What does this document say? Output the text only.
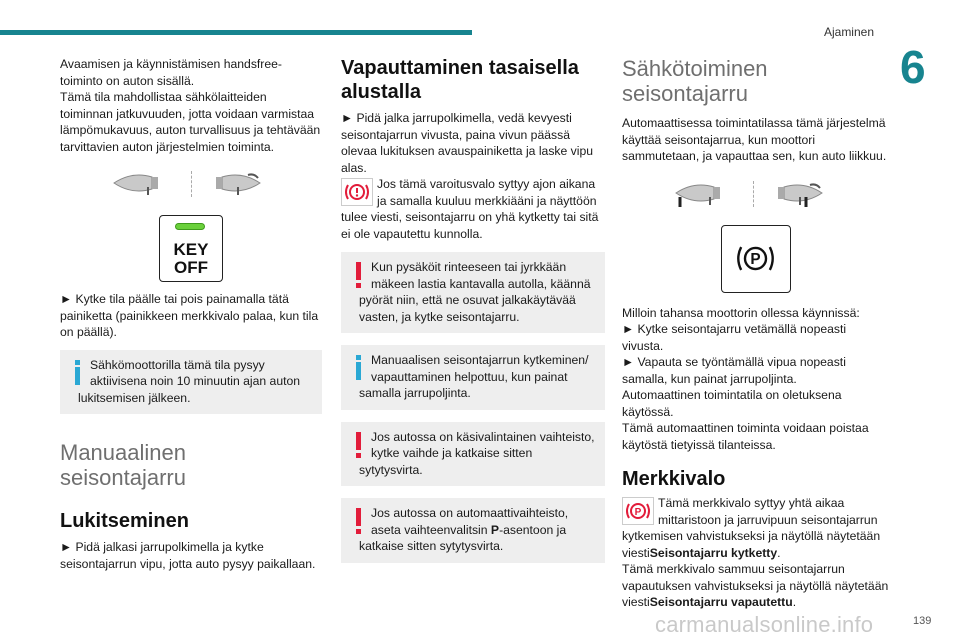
Ajaminen
6

Avaamisen ja käynnistämisen handsfree-toiminto on auton sisällä.

Tämä tila mahdollistaa sähkölaitteiden toiminnan jatkuvuuden, jotta voidaan varmistaa lämpömukavuus, auton turvallisuus ja tehtävään tarvittavien auton järjestelmien toiminta.

KEY
OFF

► Kytke tila päälle tai pois painamalla tätä painiketta (painikkeen merkkivalo palaa, kun tila on päällä).

Sähkömoottorilla tämä tila pysyy aktiivisena noin 10 minuutin ajan auton lukitsemisen jälkeen.

Manuaalinen
seisontajarru
Lukitseminen

► Pidä jalkasi jarrupolkimella ja kytke seisontajarrun vipu, jotta auto pysyy paikallaan.

Vapauttaminen tasaisella
alustalla

► Pidä jalka jarrupolkimella, vedä kevyesti seisontajarrun vivusta, paina vivun päässä olevaa lukituksen avauspainiketta ja laske vipu alas.

Jos tämä varoitusvalo syttyy ajon aikana ja samalla kuuluu merkkiääni ja näyttöön tulee viesti, seisontajarru on yhä kytketty tai sitä ei ole vapautettu kunnolla.

Kun pysäköit rinteeseen tai jyrkkään mäkeen lastia kantavalla autolla, käännä pyörät niin, että ne osuvat jalkakäytävää vasten, ja kytke seisontajarru.

Manuaalisen seisontajarrun kytkeminen/ vapauttaminen helpottuu, kun painat samalla jarrupoljinta.

Jos autossa on käsivalintainen vaihteisto, kytke vaihde ja katkaise sitten sytytysvirta.

Jos autossa on automaattivaihteisto, aseta vaihteenvalitsin P-asentoon ja katkaise sitten sytytysvirta.

Sähkötoiminen
seisontajarru

Automaattisessa toimintatilassa tämä järjestelmä käyttää seisontajarrua, kun moottori sammutetaan, ja vapauttaa sen, kun auto liikkuu.

P

Milloin tahansa moottorin ollessa käynnissä:

► Kytke seisontajarru vetämällä nopeasti vivusta.

► Vapauta se työntämällä vipua nopeasti samalla, kun painat jarrupoljinta.

Automaattinen toimintatila on oletuksena käytössä.

Tämä automaattinen toiminta voidaan poistaa käytöstä tietyissä tilanteissa.

Merkkivalo
P

Tämä merkkivalo syttyy yhtä aikaa mittaristoon ja jarruvipuun seisontajarrun kytkemisen vahvistukseksi ja näytöllä näytetään viestiSeisontajarru kytketty.

Tämä merkkivalo sammuu seisontajarrun vapautuksen vahvistukseksi ja näytöllä näytetään viestiSeisontajarru vapautettu.

carmanualsonline.info	139
